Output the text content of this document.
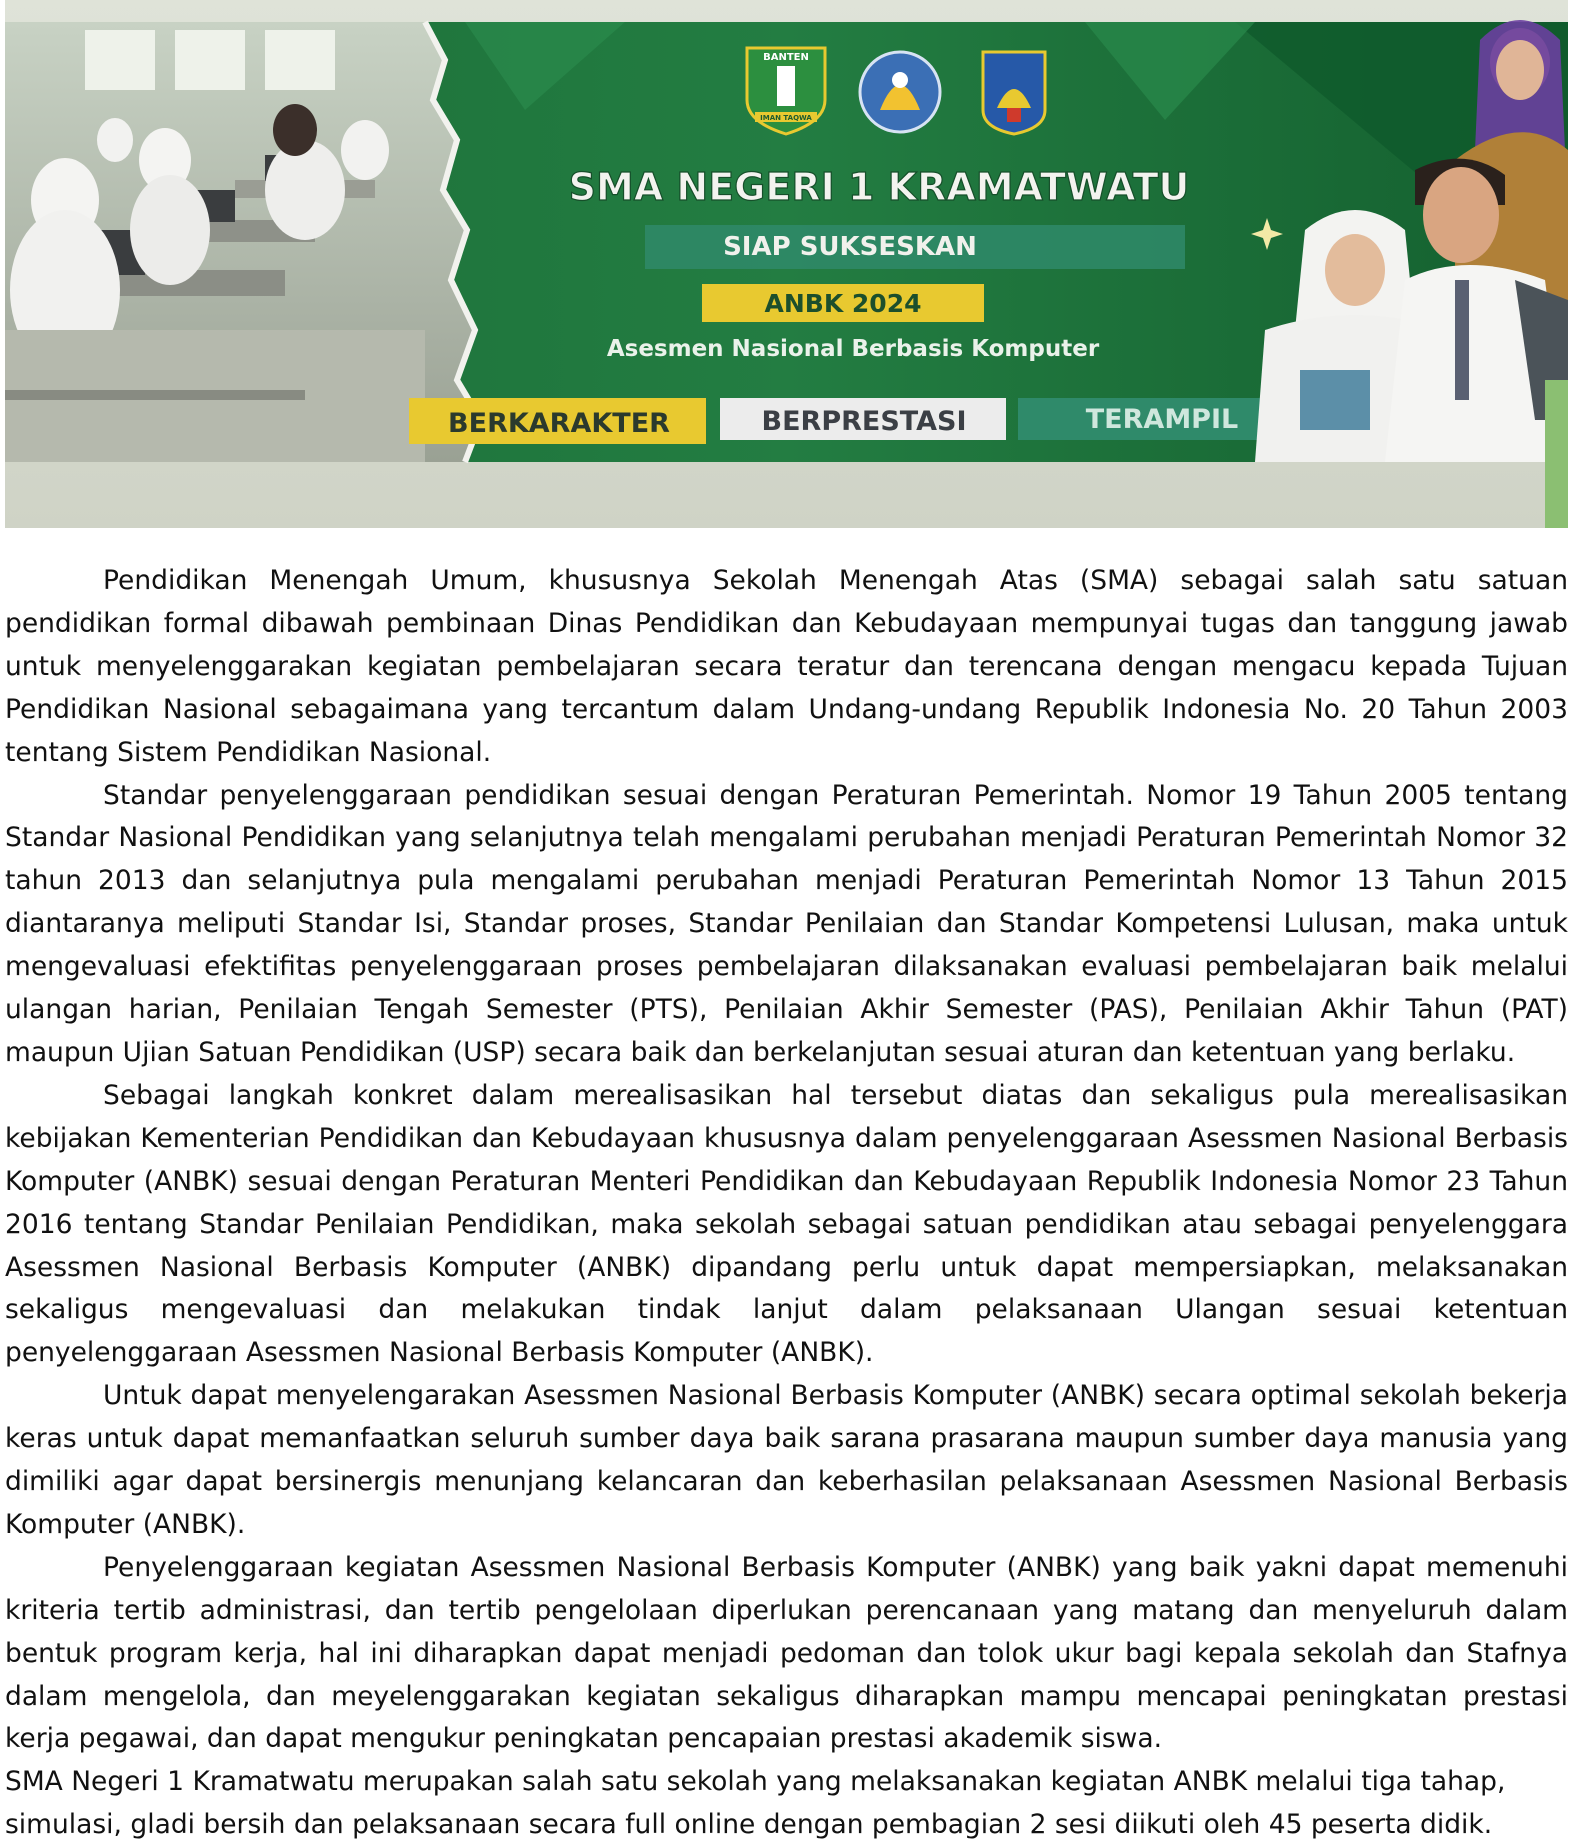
BANTEN
IMAN TAQWA
SMA NEGERI 1 KRAMATWATU
SIAP SUKSESKAN
ANBK 2024
Asesmen Nasional Berbasis Komputer
BERKARAKTER	BERPRESTASI	TERAMPIL

Pendidikan Menengah Umum, khususnya Sekolah Menengah Atas (SMA) sebagai salah satu satuan pendidikan formal dibawah pembinaan Dinas Pendidikan dan Kebudayaan mempunyai tugas dan tanggung jawab untuk menyelenggarakan kegiatan pembelajaran secara teratur dan terencana dengan mengacu kepada Tujuan Pendidikan Nasional sebagaimana yang tercantum dalam Undang-undang Republik Indonesia No. 20 Tahun 2003 tentang Sistem Pendidikan Nasional.

Standar penyelenggaraan pendidikan sesuai dengan Peraturan Pemerintah. Nomor 19 Tahun 2005 tentang Standar Nasional Pendidikan yang selanjutnya telah mengalami perubahan menjadi Peraturan Pemerintah Nomor 32 tahun 2013 dan selanjutnya pula mengalami perubahan menjadi Peraturan Pemerintah Nomor 13 Tahun 2015 diantaranya meliputi Standar Isi, Standar proses, Standar Penilaian dan Standar Kompetensi Lulusan, maka untuk mengevaluasi efektifitas penyelenggaraan proses pembelajaran dilaksanakan evaluasi pembelajaran baik melalui ulangan harian, Penilaian Tengah Semester (PTS), Penilaian Akhir Semester (PAS), Penilaian Akhir Tahun (PAT) maupun Ujian Satuan Pendidikan (USP) secara baik dan berkelanjutan sesuai aturan dan ketentuan yang berlaku.

Sebagai langkah konkret dalam merealisasikan hal tersebut diatas dan sekaligus pula merealisasikan kebijakan Kementerian Pendidikan dan Kebudayaan khususnya dalam penyelenggaraan Asessmen Nasional Berbasis Komputer (ANBK) sesuai dengan Peraturan Menteri Pendidikan dan Kebudayaan Republik Indonesia Nomor 23 Tahun 2016 tentang Standar Penilaian Pendidikan, maka sekolah sebagai satuan pendidikan atau sebagai penyelenggara Asessmen Nasional Berbasis Komputer (ANBK) dipandang perlu untuk dapat mempersiapkan, melaksanakan sekaligus mengevaluasi dan melakukan tindak lanjut dalam pelaksanaan Ulangan sesuai ketentuan penyelenggaraan Asessmen Nasional Berbasis Komputer (ANBK).

Untuk dapat menyelengarakan Asessmen Nasional Berbasis Komputer (ANBK) secara optimal sekolah bekerja keras untuk dapat memanfaatkan seluruh sumber daya baik sarana prasarana maupun sumber daya manusia yang dimiliki agar dapat bersinergis menunjang kelancaran dan keberhasilan pelaksanaan Asessmen Nasional Berbasis Komputer (ANBK).

Penyelenggaraan kegiatan Asessmen Nasional Berbasis Komputer (ANBK) yang baik yakni dapat memenuhi kriteria tertib administrasi, dan tertib pengelolaan diperlukan perencanaan yang matang dan menyeluruh dalam bentuk program kerja, hal ini diharapkan dapat menjadi pedoman dan tolok ukur bagi kepala sekolah dan Stafnya dalam mengelola, dan meyelenggarakan kegiatan sekaligus diharapkan mampu mencapai peningkatan prestasi kerja pegawai, dan dapat mengukur peningkatan pencapaian prestasi akademik siswa.

SMA Negeri 1 Kramatwatu merupakan salah satu sekolah yang melaksanakan kegiatan ANBK melalui tiga tahap, simulasi, gladi bersih dan pelaksanaan secara full online dengan pembagian 2 sesi diikuti oleh 45 peserta didik.
